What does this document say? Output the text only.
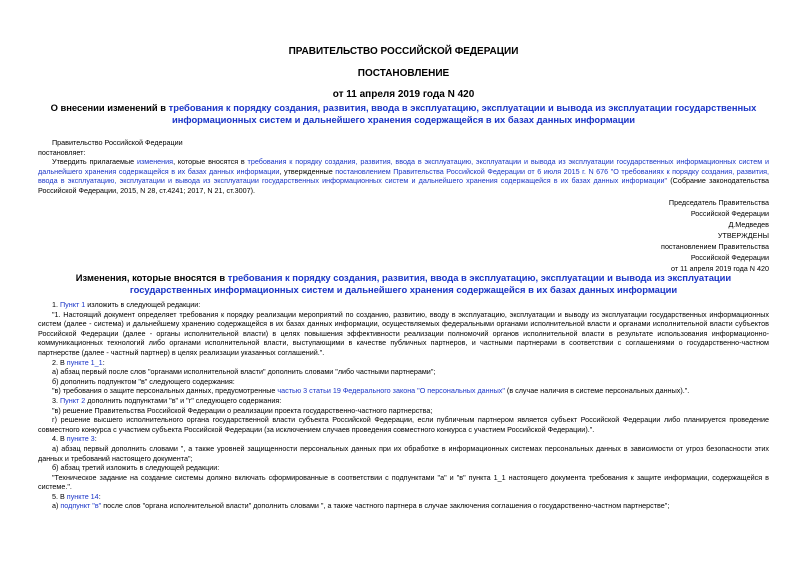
ПРАВИТЕЛЬСТВО РОССИЙСКОЙ ФЕДЕРАЦИИ
ПОСТАНОВЛЕНИЕ
от 11 апреля 2019 года N 420
О внесении изменений в требования к порядку создания, развития, ввода в эксплуатацию, эксплуатации и вывода из эксплуатации государственных информационных систем и дальнейшего хранения содержащейся в их базах данных информации
Правительство Российской Федерации
постановляет:

Утвердить прилагаемые изменения, которые вносятся в требования к порядку создания, развития, ввода в эксплуатацию, эксплуатации и вывода из эксплуатации государственных информационных систем и дальнейшего хранения содержащейся в их базах данных информации, утвержденные постановлением Правительства Российской Федерации от 6 июля 2015 г. N 676 "О требованиях к порядку создания, развития, ввода в эксплуатацию, эксплуатации и вывода из эксплуатации государственных информационных систем и дальнейшего хранения содержащейся в их базах данных информации" (Собрание законодательства Российской Федерации, 2015, N 28, ст.4241; 2017, N 21, ст.3007).

Председатель Правительства
Российской Федерации
Д.Медведев
УТВЕРЖДЕНЫ
постановлением Правительства
Российской Федерации
от 11 апреля 2019 года N 420
Изменения, которые вносятся в требования к порядку создания, развития, ввода в эксплуатацию, эксплуатации и вывода из эксплуатации государственных информационных систем и дальнейшего хранения содержащейся в их базах данных информации

1. Пункт 1 изложить в следующей редакции:

"1. Настоящий документ определяет требования к порядку реализации мероприятий по созданию, развитию, вводу в эксплуатацию, эксплуатации и выводу из эксплуатации государственных информационных систем (далее - система) и дальнейшему хранению содержащейся в их базах данных информации, осуществляемых федеральными органами исполнительной власти и органами исполнительной власти субъектов Российской Федерации (далее - органы исполнительной власти) в целях повышения эффективности реализации полномочий органов исполнительной власти в результате использования информационно-коммуникационных технологий либо органами исполнительной власти, выступающими в качестве публичных партнеров, и частными партнерами в соответствии с соглашениями о государственно-частном партнерстве (далее - частный партнер) в целях реализации указанных соглашений.".

2. В пункте 1_1:

а) абзац первый после слов "органами исполнительной власти" дополнить словами "либо частными партнерами";

б) дополнить подпунктом "в" следующего содержания:

"в) требования о защите персональных данных, предусмотренные частью 3 статьи 19 Федерального закона "О персональных данных" (в случае наличия в системе персональных данных).".

3. Пункт 2 дополнить подпунктами "в" и "г" следующего содержания:

"в) решение Правительства Российской Федерации о реализации проекта государственно-частного партнерства;

г) решение высшего исполнительного органа государственной власти субъекта Российской Федерации, если публичным партнером является субъект Российской Федерации либо планируется проведение совместного конкурса с участием субъекта Российской Федерации (за исключением случаев проведения совместного конкурса с участием Российской Федерации).".

4. В пункте 3:

а) абзац первый дополнить словами ", а также уровней защищенности персональных данных при их обработке в информационных системах персональных данных в зависимости от угроз безопасности этих данных и требований настоящего документа";

б) абзац третий изложить в следующей редакции:

"Техническое задание на создание системы должно включать сформированные в соответствии с подпунктами "а" и "в" пункта 1_1 настоящего документа требования к защите информации, содержащейся в системе.".

5. В пункте 14:

а) подпункт "в" после слов "органа исполнительной власти" дополнить словами ", а также частного партнера в случае заключения соглашения о государственно-частном партнерстве";
